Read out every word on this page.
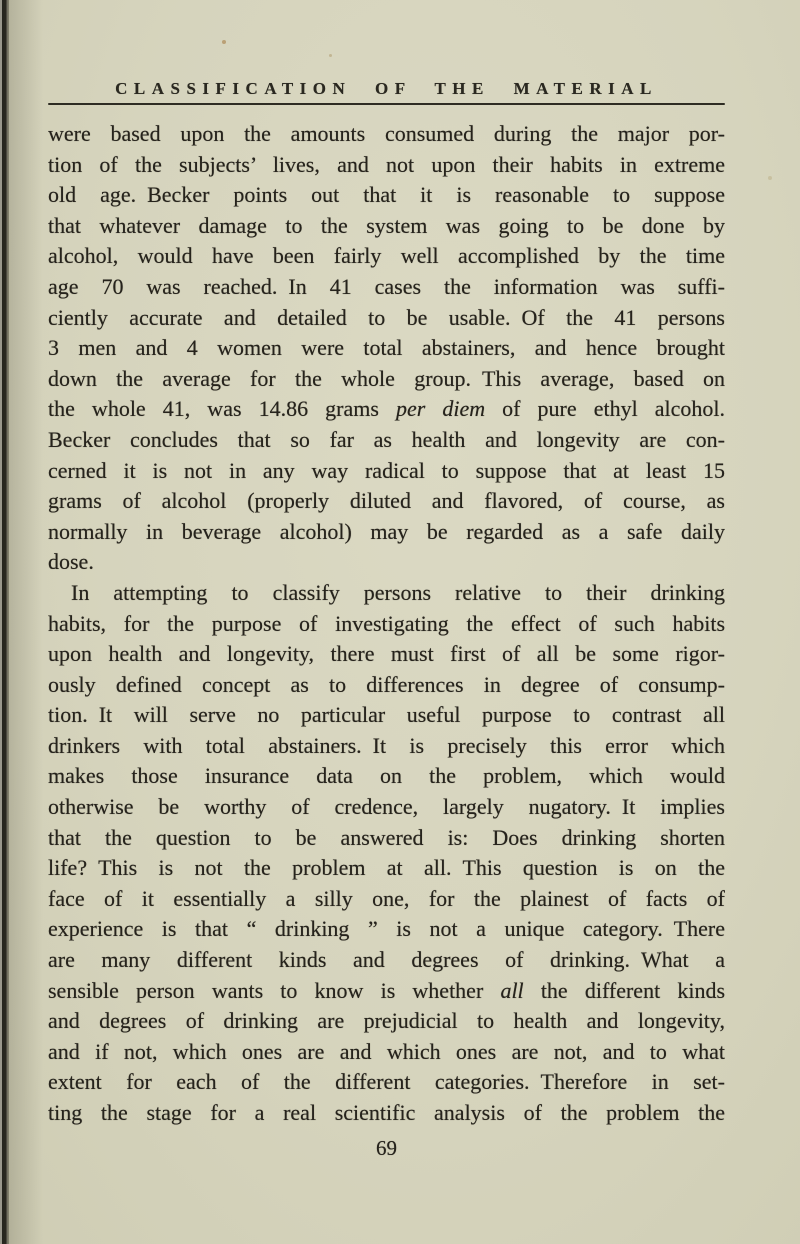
CLASSIFICATION OF THE MATERIAL
were based upon the amounts consumed during the major por-
tion of the subjects’ lives, and not upon their habits in extreme
old age. Becker points out that it is reasonable to suppose
that whatever damage to the system was going to be done by
alcohol, would have been fairly well accomplished by the time
age 70 was reached. In 41 cases the information was suffi-
ciently accurate and detailed to be usable. Of the 41 persons
3 men and 4 women were total abstainers, and hence brought
down the average for the whole group. This average, based on
the whole 41, was 14.86 grams per diem of pure ethyl alcohol.
Becker concludes that so far as health and longevity are con-
cerned it is not in any way radical to suppose that at least 15
grams of alcohol (properly diluted and flavored, of course, as
normally in beverage alcohol) may be regarded as a safe daily
dose.
In attempting to classify persons relative to their drinking
habits, for the purpose of investigating the effect of such habits
upon health and longevity, there must first of all be some rigor-
ously defined concept as to differences in degree of consump-
tion. It will serve no particular useful purpose to contrast all
drinkers with total abstainers. It is precisely this error which
makes those insurance data on the problem, which would
otherwise be worthy of credence, largely nugatory. It implies
that the question to be answered is: Does drinking shorten
life? This is not the problem at all. This question is on the
face of it essentially a silly one, for the plainest of facts of
experience is that “ drinking ” is not a unique category. There
are many different kinds and degrees of drinking. What a
sensible person wants to know is whether all the different kinds
and degrees of drinking are prejudicial to health and longevity,
and if not, which ones are and which ones are not, and to what
extent for each of the different categories. Therefore in set-
ting the stage for a real scientific analysis of the problem the
69
